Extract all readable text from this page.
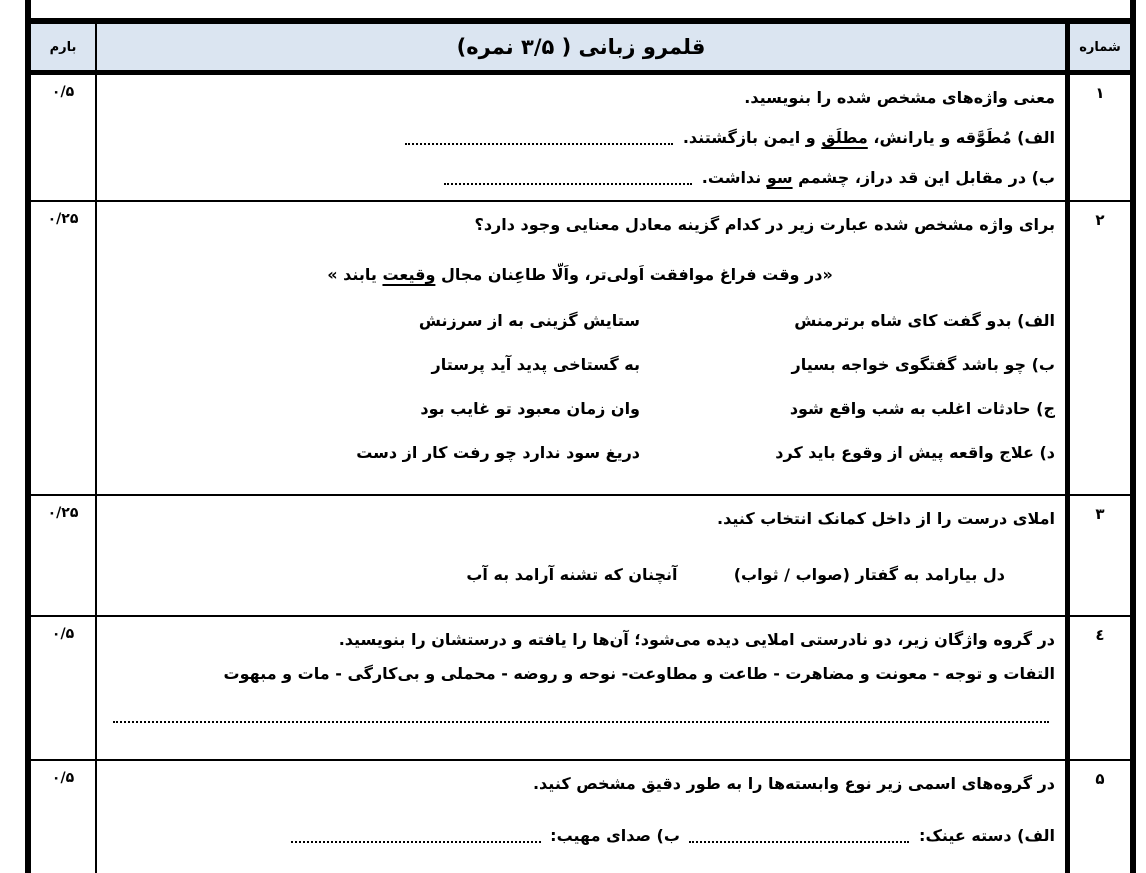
شماره
قلمرو زبانی ( ۳/۵ نمره)
بارم
۱
معنی واژه‌های مشخص شده را بنویسید.
الف) مُطَوَّقه و یارانش، مطلَق و ایمن بازگشتند.
ب) در مقابل این قد دراز، چشمم سو نداشت.
۰/۵
۲
برای واژه مشخص شده عبارت زیر در کدام گزینه معادل معنایی وجود دارد؟
«در وقت فراغ موافقت اَولی‌تر، واَلّا طاعِنان مجال وقیعت یابند »
الف) بدو گفت کای شاه برترمنش
ستایش گزینی به از سرزنش
ب) چو باشد گفتگوی خواجه بسیار
به گستاخی پدید آید پرستار
ج) حادثات اغلب به شب واقع شود
وان زمان معبود تو غایب بود
د) علاج واقعه پیش از وقوع باید کرد
دریغ سود ندارد چو رفت کار از دست
۰/۲۵
۳
املای درست را از داخل کمانک انتخاب کنید.
دل بیارامد به گفتار (صواب / ثواب)  آنچنان که تشنه آرامد به آب
۰/۲۵
٤
در گروه واژگان زیر، دو نادرستی املایی دیده می‌شود؛ آن‌ها را یافته و درستشان را بنویسید.
التفات و توجه - معونت و مضاهرت - طاعت و مطاوعت- نوحه و روضه - محملی و بی‌کارگی - مات و مبهوت
۰/۵
۵
در گروه‌های اسمی زیر نوع وابسته‌ها را به طور دقیق مشخص کنید.
الف) دسته عینک:  ب) صدای مهیب:
۰/۵
